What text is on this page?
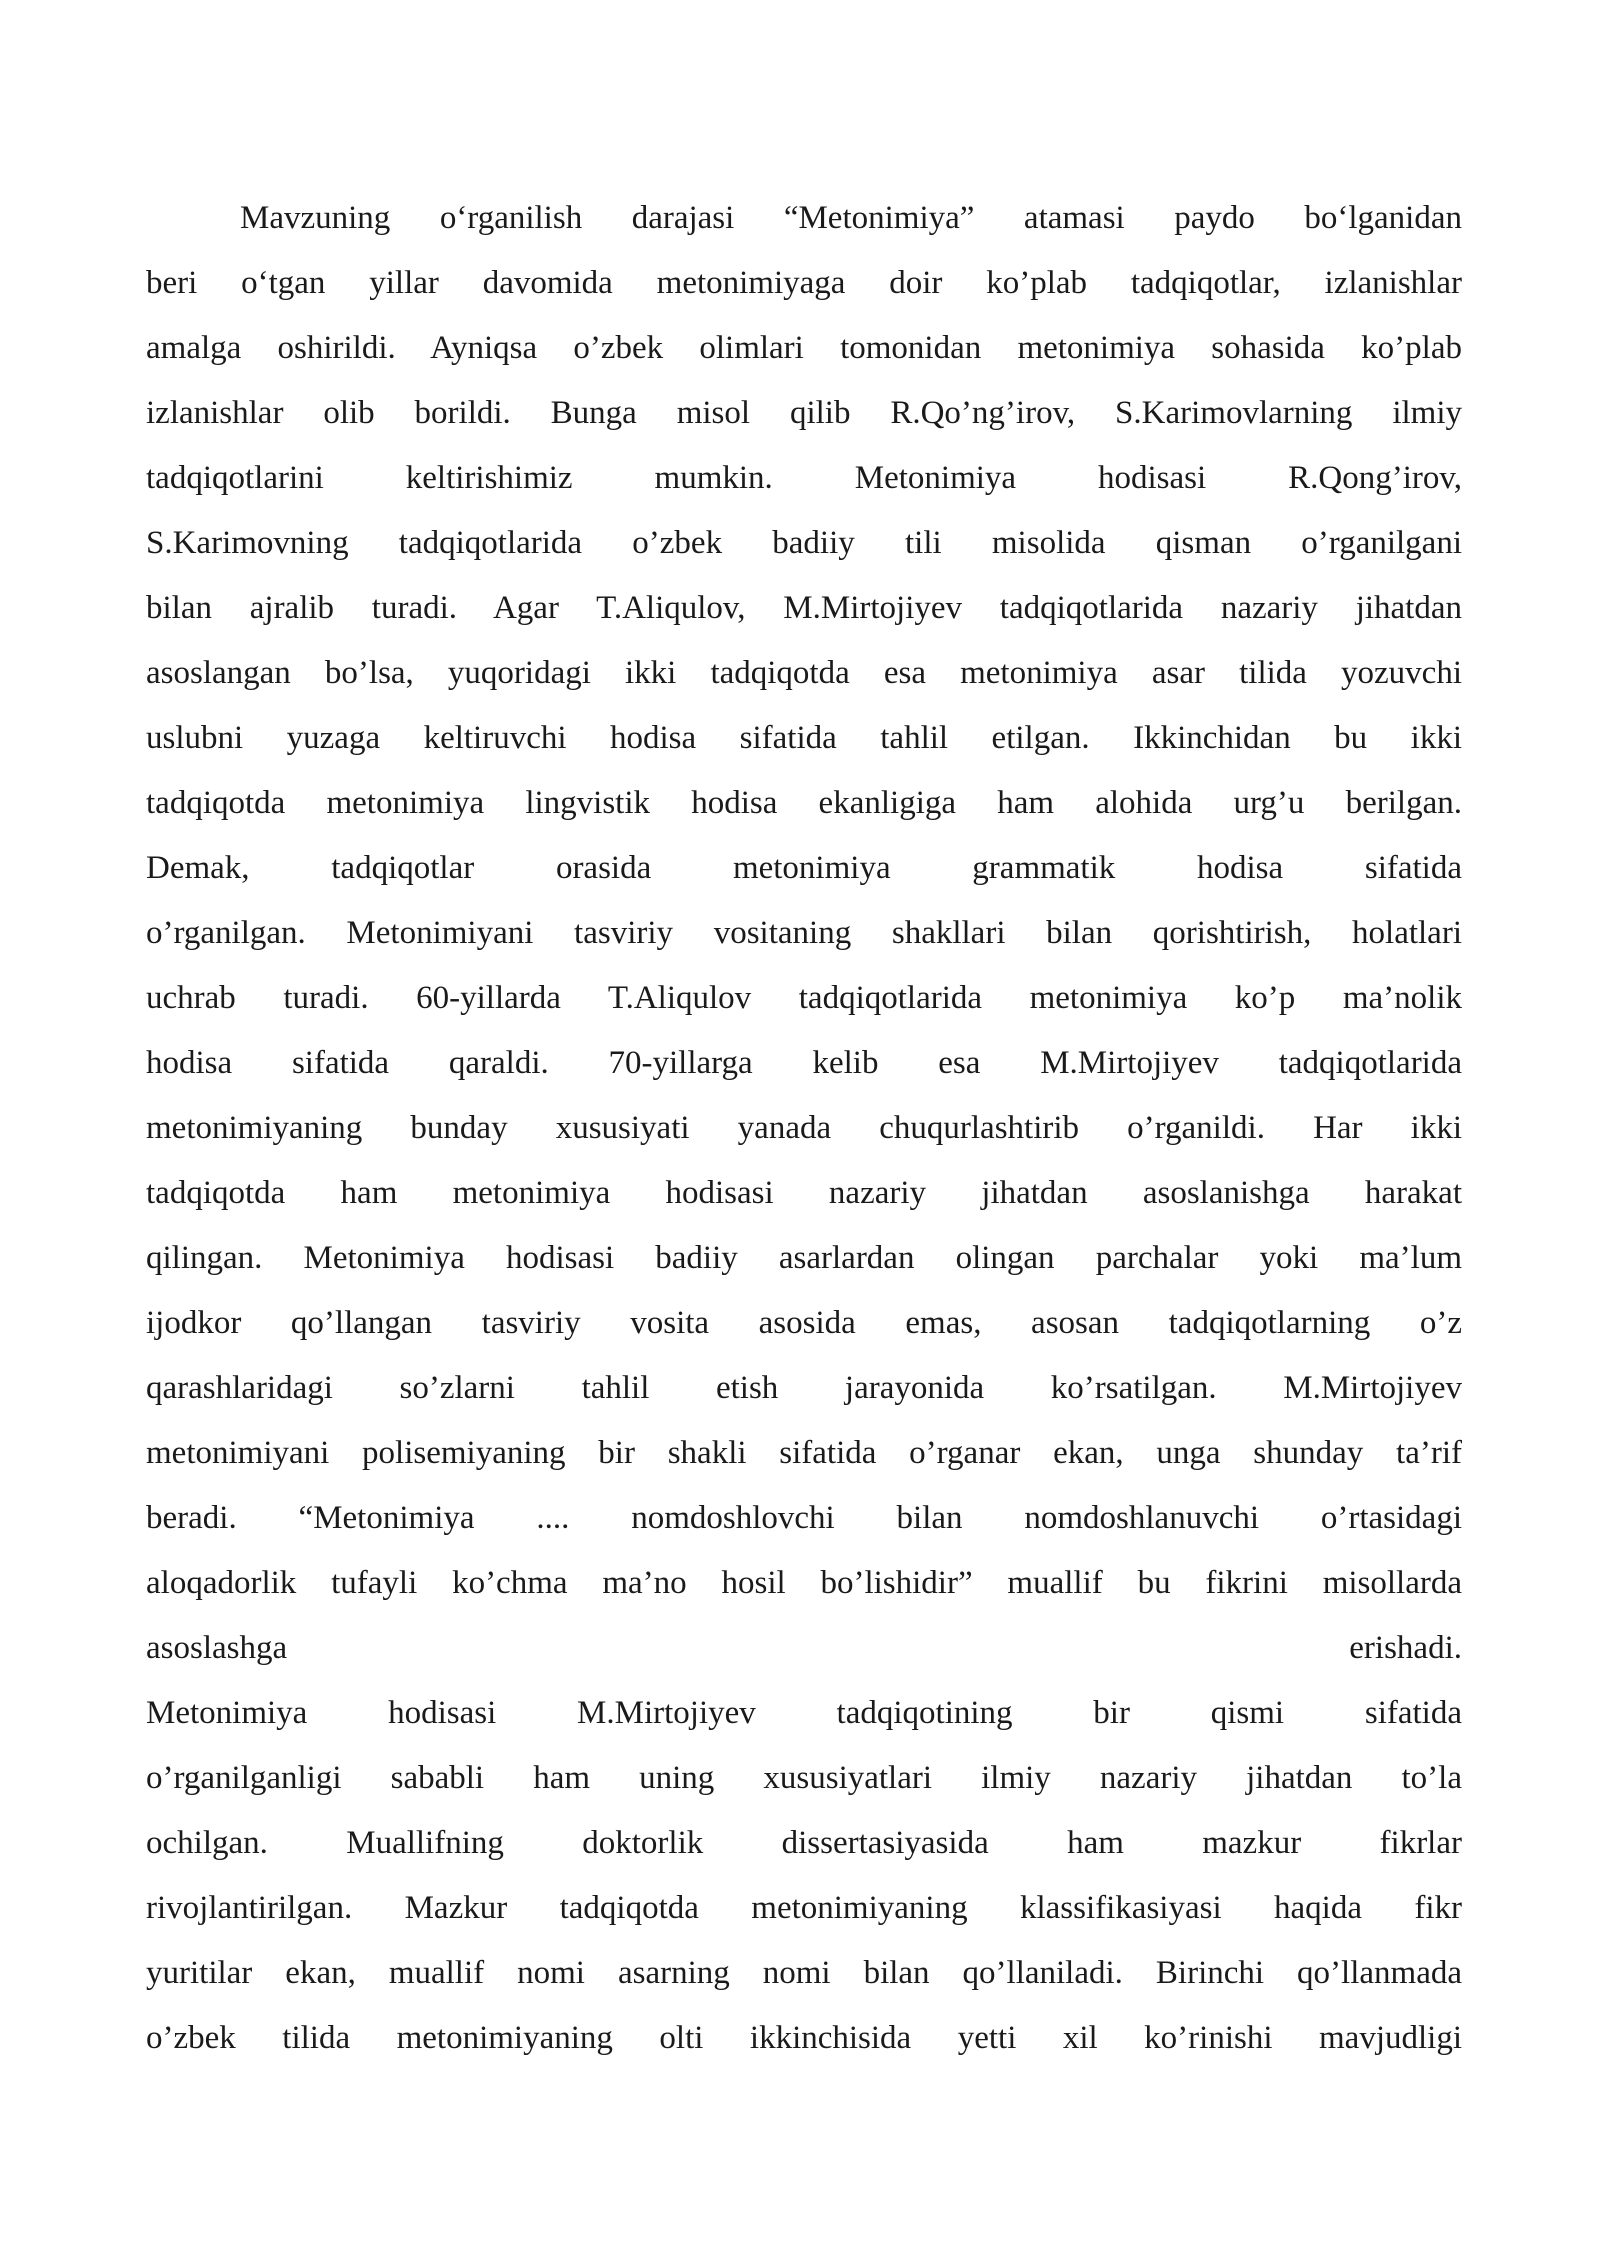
Mavzuning o‘rganilish darajasi “Metonimiya” atamasi paydo bo‘lganidan
beri o‘tgan yillar davomida metonimiyaga doir ko’plab tadqiqotlar, izlanishlar
amalga oshirildi. Ayniqsa o’zbek olimlari tomonidan metonimiya sohasida ko’plab
izlanishlar olib borildi. Bunga misol qilib R.Qo’ng’irov, S.Karimovlarning ilmiy
tadqiqotlarini keltirishimiz mumkin. Metonimiya hodisasi R.Qong’irov,
S.Karimovning tadqiqotlarida o’zbek badiiy tili misolida qisman o’rganilgani
bilan ajralib turadi. Agar T.Aliqulov, M.Mirtojiyev tadqiqotlarida nazariy jihatdan
asoslangan bo’lsa, yuqoridagi ikki tadqiqotda esa metonimiya asar tilida yozuvchi
uslubni yuzaga keltiruvchi hodisa sifatida tahlil etilgan. Ikkinchidan bu ikki
tadqiqotda metonimiya lingvistik hodisa ekanligiga ham alohida urg’u berilgan.
Demak, tadqiqotlar orasida metonimiya grammatik hodisa sifatida
o’rganilgan. Metonimiyani tasviriy vositaning shakllari bilan qorishtirish, holatlari
uchrab turadi. 60-yillarda T.Aliqulov tadqiqotlarida metonimiya ko’p ma’nolik
hodisa sifatida qaraldi. 70-yillarga kelib esa M.Mirtojiyev tadqiqotlarida
metonimiyaning bunday xususiyati yanada chuqurlashtirib o’rganildi. Har ikki
tadqiqotda ham metonimiya hodisasi nazariy jihatdan asoslanishga harakat
qilingan. Metonimiya hodisasi badiiy asarlardan olingan parchalar yoki ma’lum
ijodkor qo’llangan tasviriy vosita asosida emas, asosan tadqiqotlarning o’z
qarashlaridagi so’zlarni tahlil etish jarayonida ko’rsatilgan. M.Mirtojiyev
metonimiyani polisemiyaning bir shakli sifatida o’rganar ekan, unga shunday ta’rif
beradi. “Metonimiya .... nomdoshlovchi bilan nomdoshlanuvchi o’rtasidagi
aloqadorlik tufayli ko’chma ma’no hosil bo’lishidir” muallif bu fikrini misollarda
asoslashga erishadi.
Metonimiya hodisasi M.Mirtojiyev tadqiqotining bir qismi sifatida
o’rganilganligi sababli ham uning xususiyatlari ilmiy nazariy jihatdan to’la
ochilgan. Muallifning doktorlik dissertasiyasida ham mazkur fikrlar
rivojlantirilgan. Mazkur tadqiqotda metonimiyaning klassifikasiyasi haqida fikr
yuritilar ekan, muallif nomi asarning nomi bilan qo’llaniladi. Birinchi qo’llanmada
o’zbek tilida metonimiyaning olti ikkinchisida yetti xil ko’rinishi mavjudligi
